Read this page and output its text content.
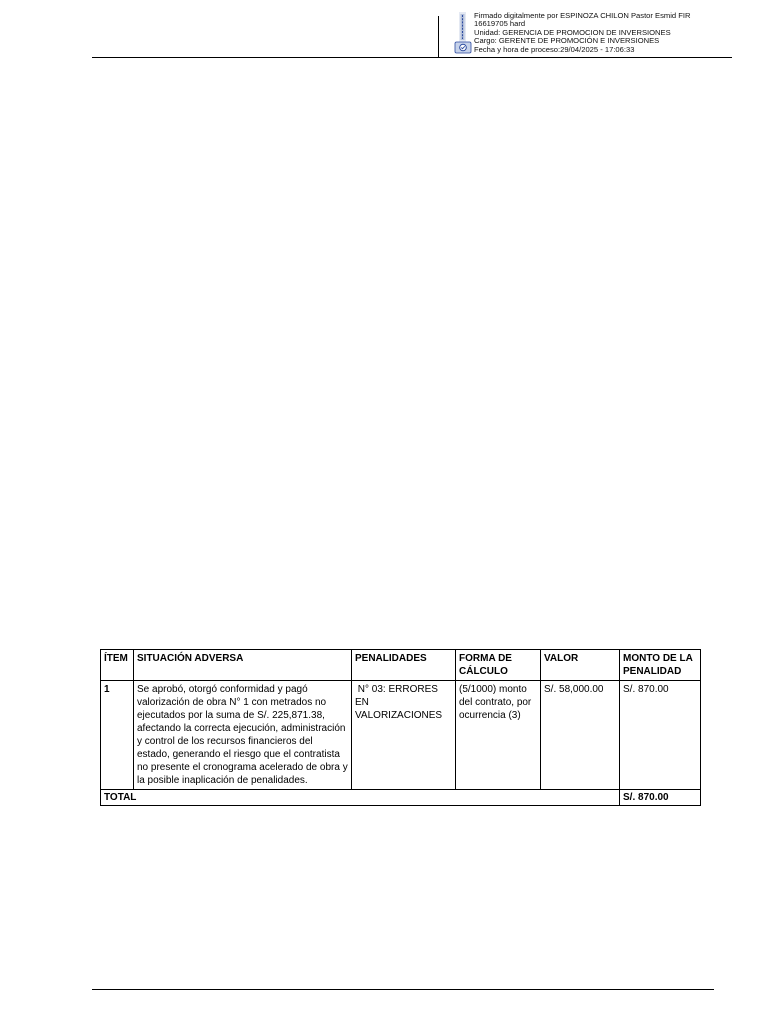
Firmado digitalmente por ESPINOZA CHILON Pastor Esmid FIR
16619705 hard
Unidad: GERENCIA DE PROMOCION DE INVERSIONES
Cargo: GERENTE DE PROMOCIÓN E INVERSIONES
Fecha y hora de proceso:29/04/2025 - 17:06:33
ÍTEM	SITUACIÓN ADVERSA	PENALIDADES	FORMA DE CÁLCULO	VALOR	MONTO DE LA PENALIDAD
1	Se aprobó, otorgó conformidad y pagó valorización de obra N° 1 con metrados no ejecutados por la suma de S/. 225,871.38, afectando la correcta ejecución, administración y control de los recursos financieros del estado, generando el riesgo que el contratista no presente el cronograma acelerado de obra y la posible inaplicación de penalidades.	N° 03: ERRORES EN VALORIZACIONES	(5/1000) monto del contrato, por ocurrencia (3)	S/. 58,000.00	S/. 870.00
TOTAL					S/. 870.00
